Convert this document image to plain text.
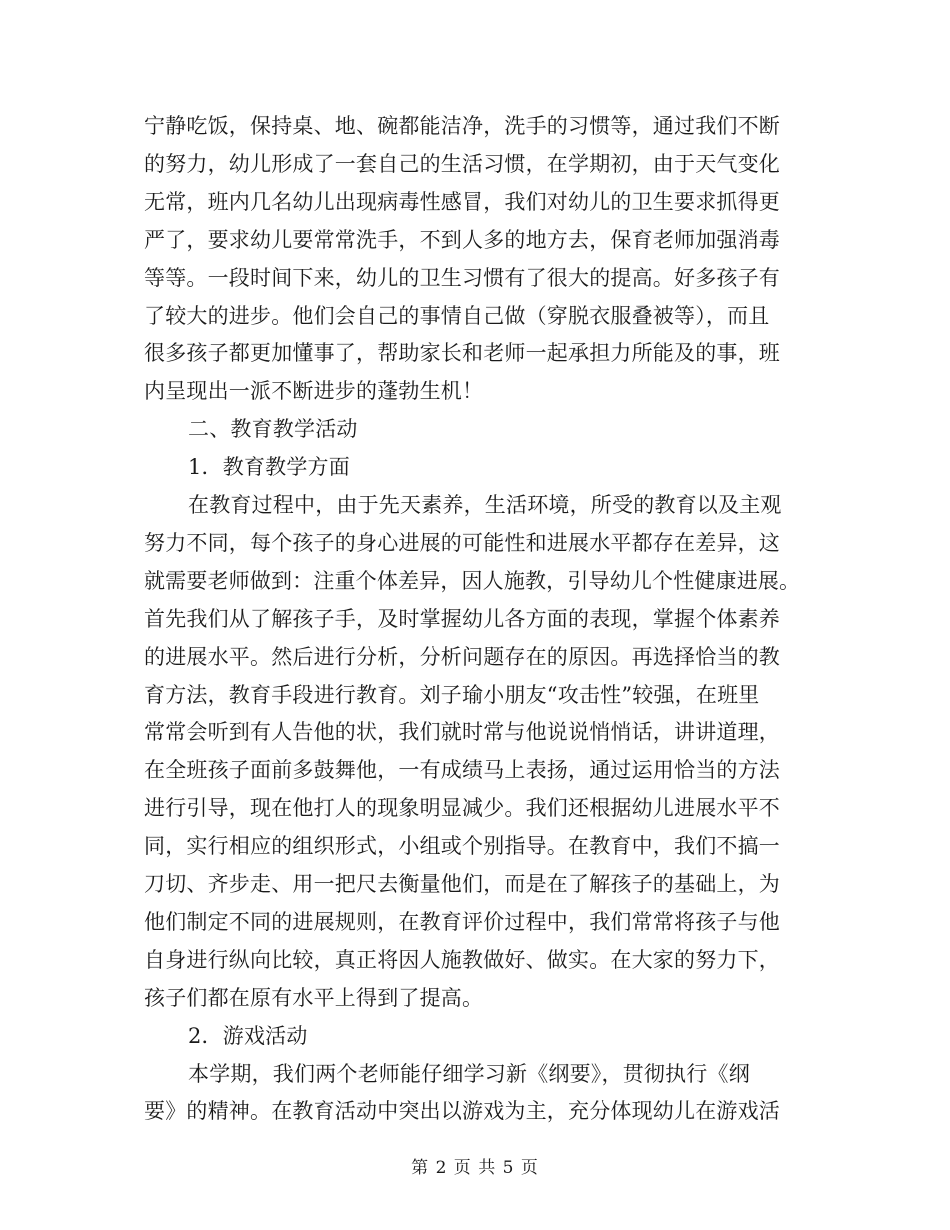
宁静吃饭，保持桌、地、碗都能洁净，洗手的习惯等，通过我们不断
的努力，幼儿形成了一套自己的生活习惯，在学期初，由于天气变化
无常，班内几名幼儿出现病毒性感冒，我们对幼儿的卫生要求抓得更
严了，要求幼儿要常常洗手，不到人多的地方去，保育老师加强消毒
等等。一段时间下来，幼儿的卫生习惯有了很大的提高。好多孩子有
了较大的进步。他们会自己的事情自己做（穿脱衣服叠被等），而且
很多孩子都更加懂事了，帮助家长和老师一起承担力所能及的事，班
内呈现出一派不断进步的蓬勃生机！
二、教育教学活动
1．教育教学方面
在教育过程中，由于先天素养，生活环境，所受的教育以及主观
努力不同，每个孩子的身心进展的可能性和进展水平都存在差异，这
就需要老师做到：注重个体差异，因人施教，引导幼儿个性健康进展。
首先我们从了解孩子手，及时掌握幼儿各方面的表现，掌握个体素养
的进展水平。然后进行分析，分析问题存在的原因。再选择恰当的教
育方法，教育手段进行教育。刘子瑜小朋友“攻击性”较强，在班里
常常会听到有人告他的状，我们就时常与他说说悄悄话，讲讲道理，
在全班孩子面前多鼓舞他，一有成绩马上表扬，通过运用恰当的方法
进行引导，现在他打人的现象明显减少。我们还根据幼儿进展水平不
同，实行相应的组织形式，小组或个别指导。在教育中，我们不搞一
刀切、齐步走、用一把尺去衡量他们，而是在了解孩子的基础上，为
他们制定不同的进展规则，在教育评价过程中，我们常常将孩子与他
自身进行纵向比较，真正将因人施教做好、做实。在大家的努力下，
孩子们都在原有水平上得到了提高。
2．游戏活动
本学期，我们两个老师能仔细学习新《纲要》，贯彻执行《纲
要》的精神。在教育活动中突出以游戏为主，充分体现幼儿在游戏活
第 2 页 共 5 页
